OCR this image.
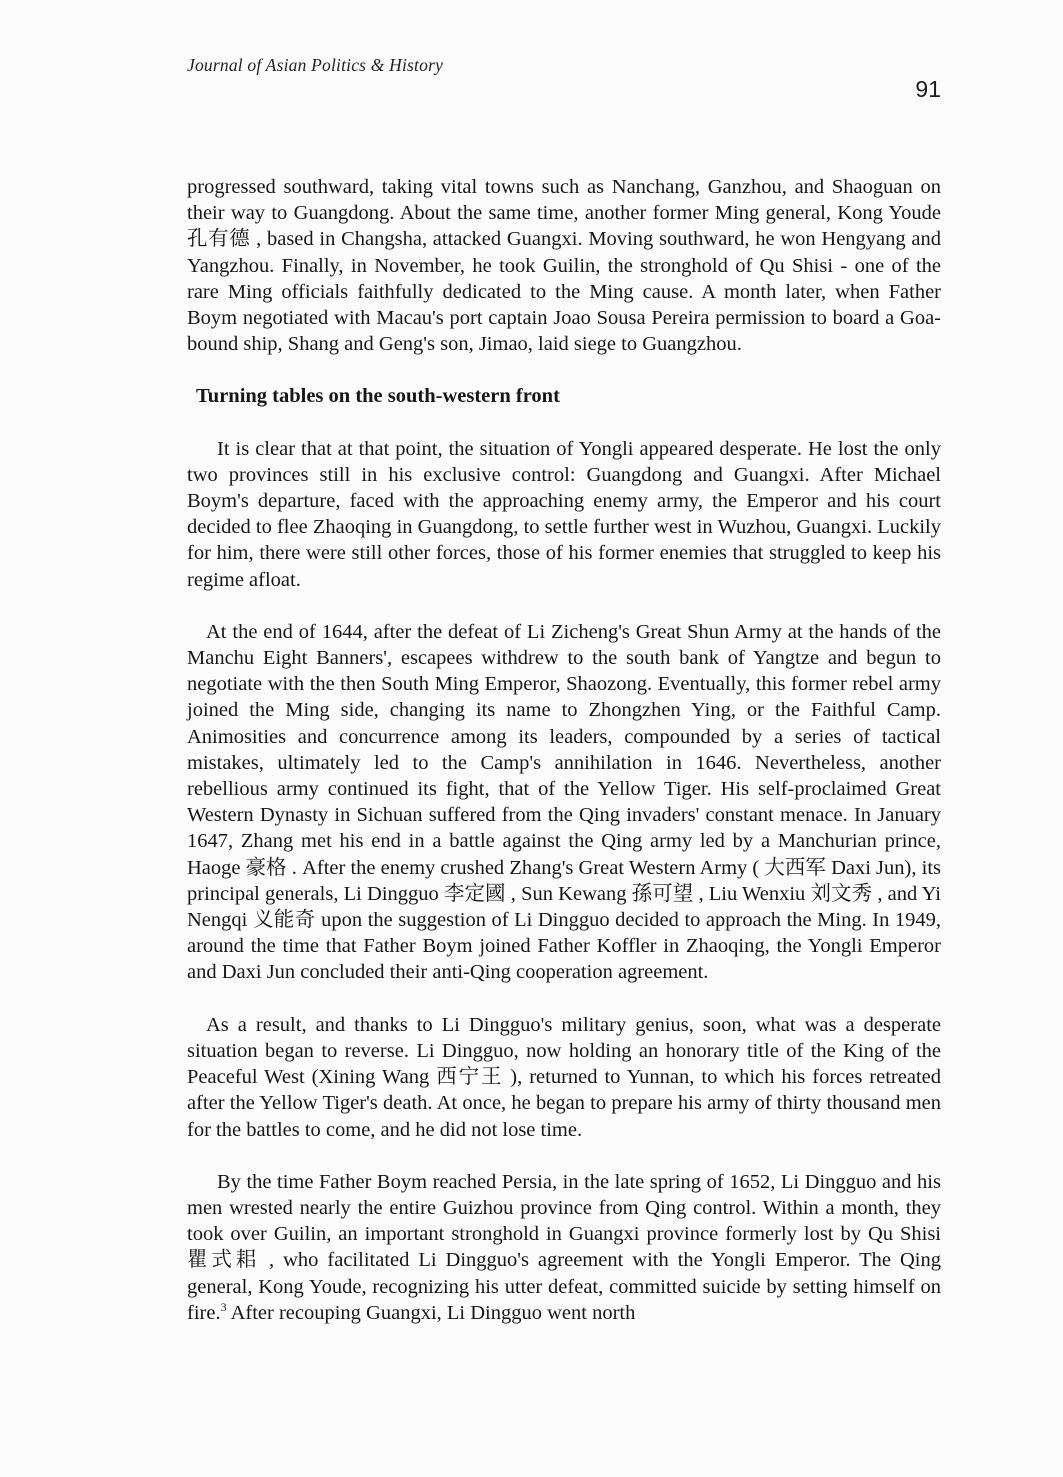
Journal of Asian Politics & History
91

progressed southward, taking vital towns such as Nanchang, Ganzhou, and Shaoguan on their way to Guangdong. About the same time, another former Ming general, Kong Youde 孔有德 , based in Changsha, attacked Guangxi. Moving southward, he won Hengyang and Yangzhou. Finally, in November, he took Guilin, the stronghold of Qu Shisi - one of the rare Ming officials faithfully dedicated to the Ming cause. A month later, when Father Boym negotiated with Macau's port captain Joao Sousa Pereira permission to board a Goa-bound ship, Shang and Geng's son, Jimao, laid siege to Guangzhou.

Turning tables on the south-western front

It is clear that at that point, the situation of Yongli appeared desperate. He lost the only two provinces still in his exclusive control: Guangdong and Guangxi. After Michael Boym's departure, faced with the approaching enemy army, the Emperor and his court decided to flee Zhaoqing in Guangdong, to settle further west in Wuzhou, Guangxi. Luckily for him, there were still other forces, those of his former enemies that struggled to keep his regime afloat.

At the end of 1644, after the defeat of Li Zicheng's Great Shun Army at the hands of the Manchu Eight Banners', escapees withdrew to the south bank of Yangtze and begun to negotiate with the then South Ming Emperor, Shaozong. Eventually, this former rebel army joined the Ming side, changing its name to Zhongzhen Ying, or the Faithful Camp. Animosities and concurrence among its leaders, compounded by a series of tactical mistakes, ultimately led to the Camp's annihilation in 1646. Nevertheless, another rebellious army continued its fight, that of the Yellow Tiger. His self-proclaimed Great Western Dynasty in Sichuan suffered from the Qing invaders' constant menace. In January 1647, Zhang met his end in a battle against the Qing army led by a Manchurian prince, Haoge 豪格 . After the enemy crushed Zhang's Great Western Army ( 大西军 Daxi Jun), its principal generals, Li Dingguo 李定國 , Sun Kewang 孫可望 , Liu Wenxiu 刘文秀 , and Yi Nengqi 义能奇 upon the suggestion of Li Dingguo decided to approach the Ming. In 1949, around the time that Father Boym joined Father Koffler in Zhaoqing, the Yongli Emperor and Daxi Jun concluded their anti-Qing cooperation agreement.

As a result, and thanks to Li Dingguo's military genius, soon, what was a desperate situation began to reverse. Li Dingguo, now holding an honorary title of the King of the Peaceful West (Xining Wang 西宁王 ), returned to Yunnan, to which his forces retreated after the Yellow Tiger's death. At once, he began to prepare his army of thirty thousand men for the battles to come, and he did not lose time.

By the time Father Boym reached Persia, in the late spring of 1652, Li Dingguo and his men wrested nearly the entire Guizhou province from Qing control. Within a month, they took over Guilin, an important stronghold in Guangxi province formerly lost by Qu Shisi 瞿式耜 , who facilitated Li Dingguo's agreement with the Yongli Emperor. The Qing general, Kong Youde, recognizing his utter defeat, committed suicide by setting himself on fire.$^3$ After recouping Guangxi, Li Dingguo went north
